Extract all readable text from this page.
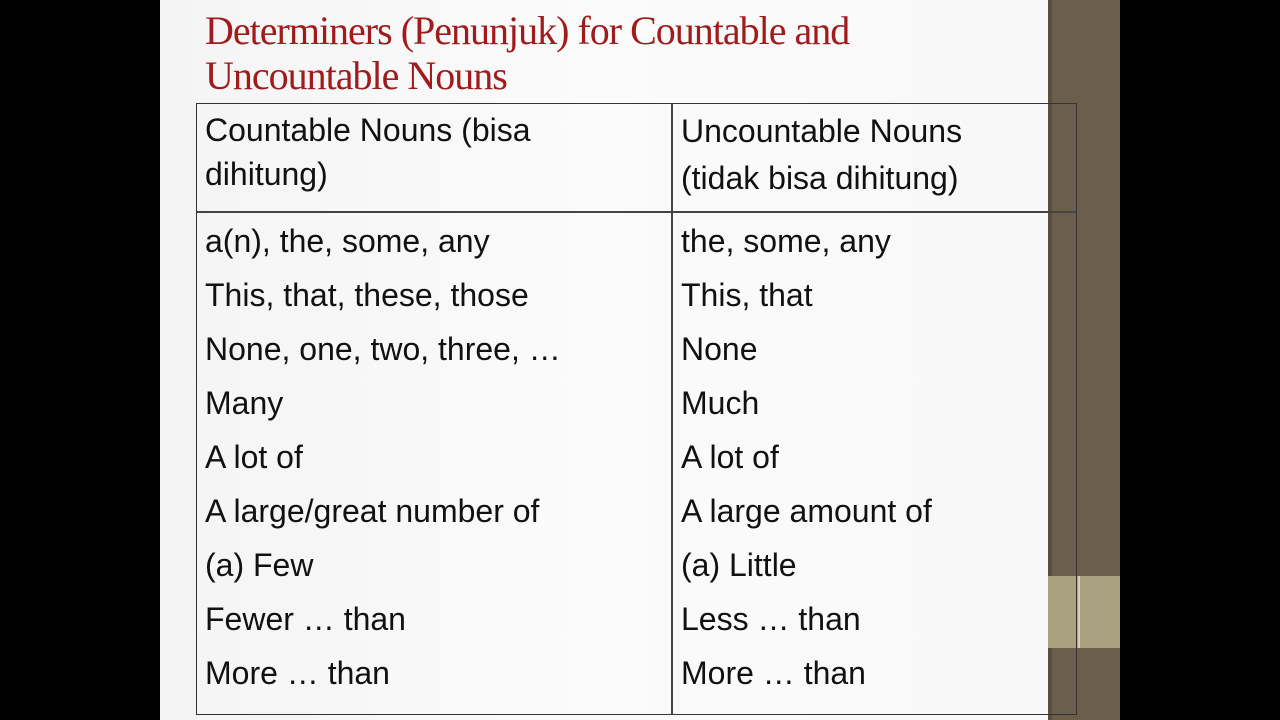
Determiners (Penunjuk) for Countable and
Uncountable Nouns
Countable Nouns (bisa
dihitung)
Uncountable Nouns
(tidak bisa dihitung)
a(n), the, some, any
This, that, these, those
None, one, two, three, …
Many
A lot of
A large/great number of
(a) Few
Fewer … than
More … than
the, some, any
This, that
None
Much
A lot of
A large amount of
(a) Little
Less … than
More … than
